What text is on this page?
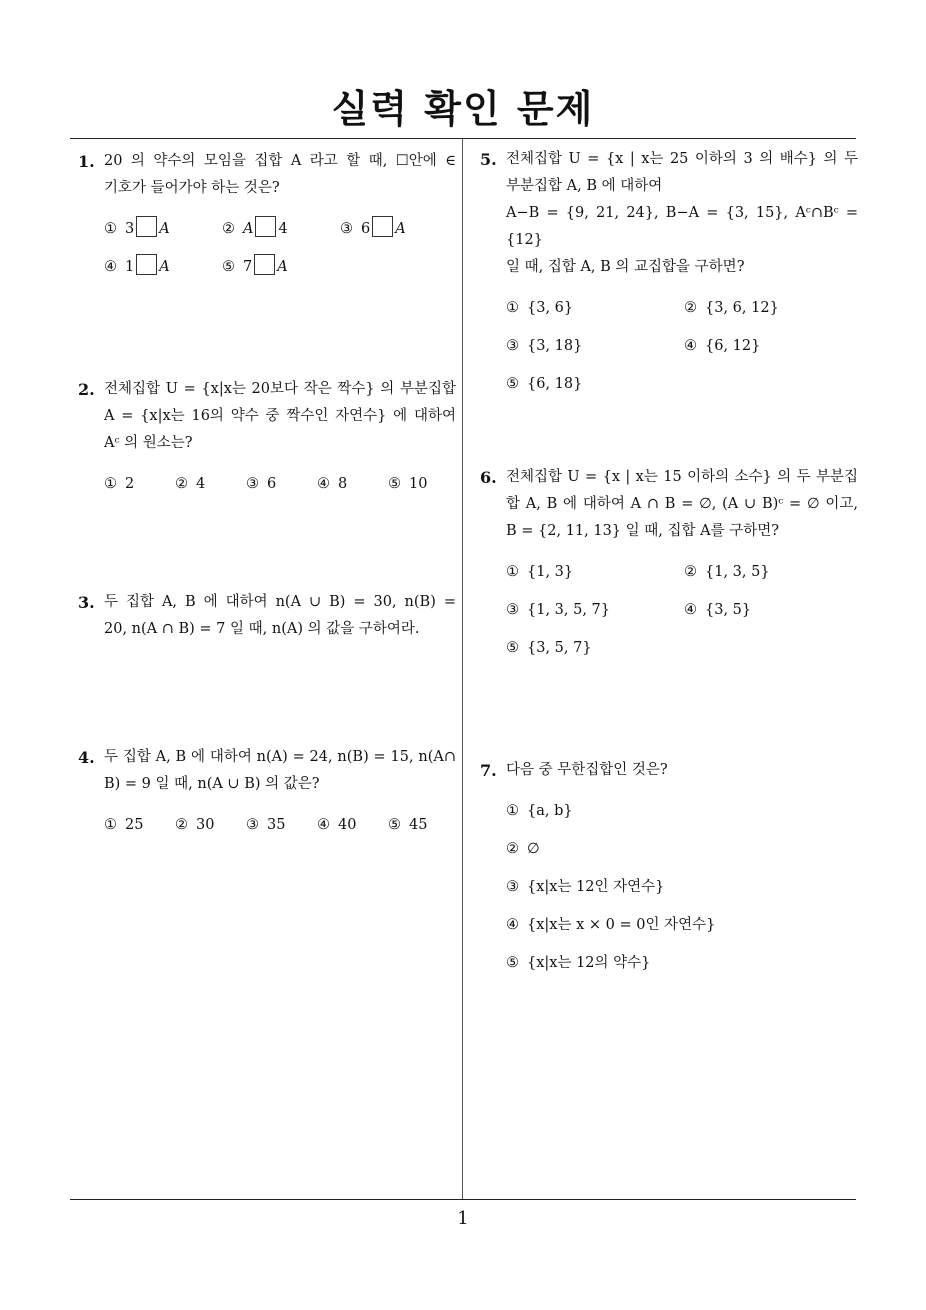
실력 확인 문제
1. 20 의 약수의 모임을 집합 A 라고 할 때, ☐안에 ∈
기호가 들어가야 하는 것은?
① 3 A	② A 4	③ 6 A
④ 1 A	⑤ 7 A
2. 전체집합 U = {x|x는 20보다 작은 짝수} 의 부분집합
A = {x|x는 16의 약수 중 짝수인 자연수} 에 대하여
Aᶜ 의 원소는?
① 2	② 4	③ 6	④ 8	⑤ 10
3. 두 집합 A, B 에 대하여 n(A ∪ B) = 30, n(B) =
20, n(A ∩ B) = 7 일 때, n(A) 의 값을 구하여라.
4. 두 집합 A, B 에 대하여 n(A) = 24, n(B) = 15, n(A∩
B) = 9 일 때, n(A ∪ B) 의 값은?
① 25 ② 30 ③ 35 ④ 40 ⑤ 45
5. 전체집합 U = {x | x는 25 이하의 3 의 배수} 의 두
부분집합 A, B 에 대하여
A−B = {9, 21, 24}, B−A = {3, 15}, Aᶜ∩Bᶜ = {12}
일 때, 집합 A, B 의 교집합을 구하면?
① {3, 6}	② {3, 6, 12}
③ {3, 18}	④ {6, 12}
⑤ {6, 18}
6. 전체집합 U = {x | x는 15 이하의 소수} 의 두 부분집
합 A, B 에 대하여 A ∩ B = ∅, (A ∪ B)ᶜ = ∅ 이고,
B = {2, 11, 13} 일 때, 집합 A를 구하면?
① {1, 3}	② {1, 3, 5}
③ {1, 3, 5, 7}	④ {3, 5}
⑤ {3, 5, 7}
7. 다음 중 무한집합인 것은?
① {a, b}
② ∅
③ {x|x는 12인 자연수}
④ {x|x는 x × 0 = 0인 자연수}
⑤ {x|x는 12의 약수}
1
